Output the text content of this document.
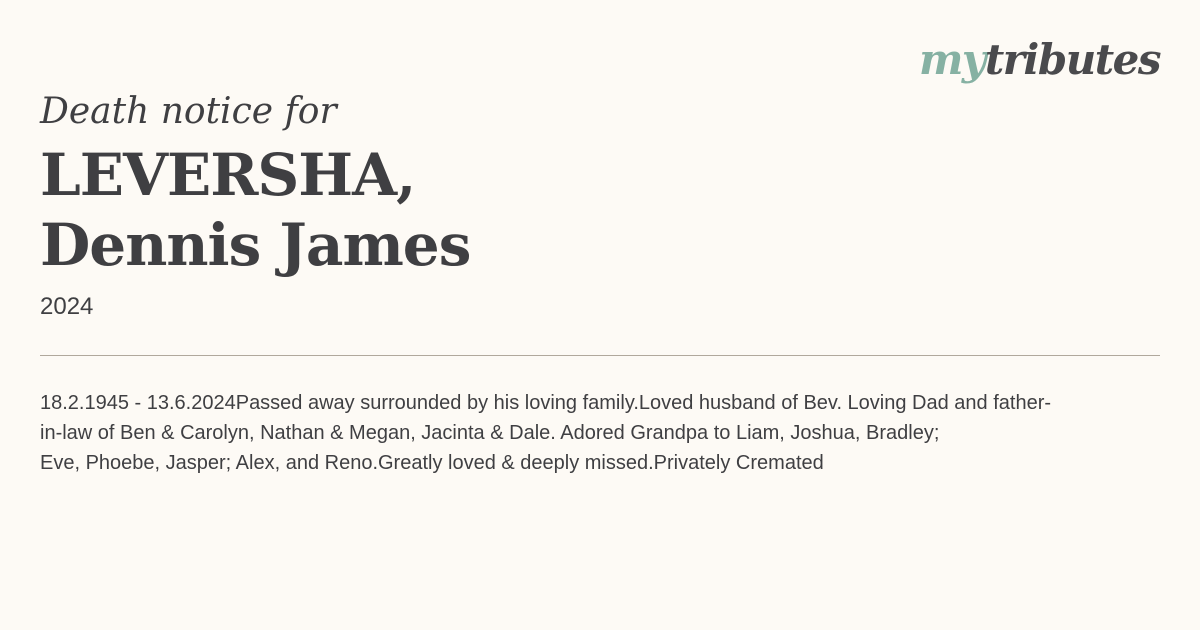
mytributes
Death notice for
LEVERSHA,
Dennis James
2024
18.2.1945 - 13.6.2024Passed away surrounded by his loving family.Loved husband of Bev. Loving Dad and father-
in-law of Ben & Carolyn, Nathan & Megan, Jacinta & Dale. Adored Grandpa to Liam, Joshua, Bradley;
Eve, Phoebe, Jasper; Alex, and Reno.Greatly loved & deeply missed.Privately Cremated
